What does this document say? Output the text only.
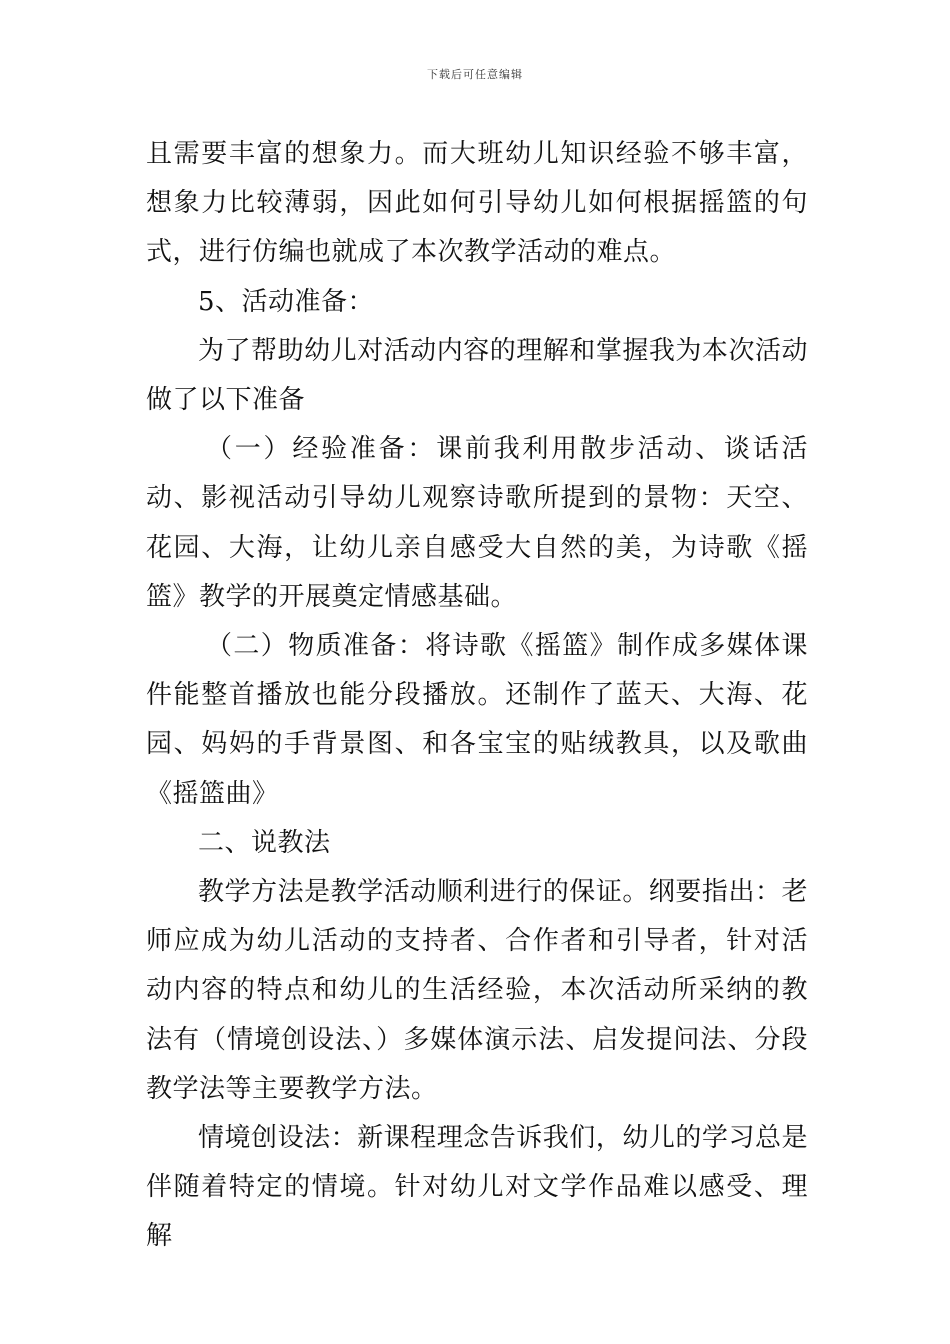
下载后可任意编辑

且需要丰富的想象力。而大班幼儿知识经验不够丰富，想象力比较薄弱，因此如何引导幼儿如何根据摇篮的句式，进行仿编也就成了本次教学活动的难点。

5、活动准备：

为了帮助幼儿对活动内容的理解和掌握我为本次活动做了以下准备

（一）经验准备：课前我利用散步活动、谈话活动、影视活动引导幼儿观察诗歌所提到的景物：天空、花园、大海，让幼儿亲自感受大自然的美，为诗歌《摇篮》教学的开展奠定情感基础。

（二）物质准备：将诗歌《摇篮》制作成多媒体课件能整首播放也能分段播放。还制作了蓝天、大海、花园、妈妈的手背景图、和各宝宝的贴绒教具，以及歌曲《摇篮曲》

二、说教法

教学方法是教学活动顺利进行的保证。纲要指出：老师应成为幼儿活动的支持者、合作者和引导者，针对活动内容的特点和幼儿的生活经验，本次活动所采纳的教法有（情境创设法、）多媒体演示法、启发提问法、分段教学法等主要教学方法。

情境创设法：新课程理念告诉我们，幼儿的学习总是伴随着特定的情境。针对幼儿对文学作品难以感受、理解
